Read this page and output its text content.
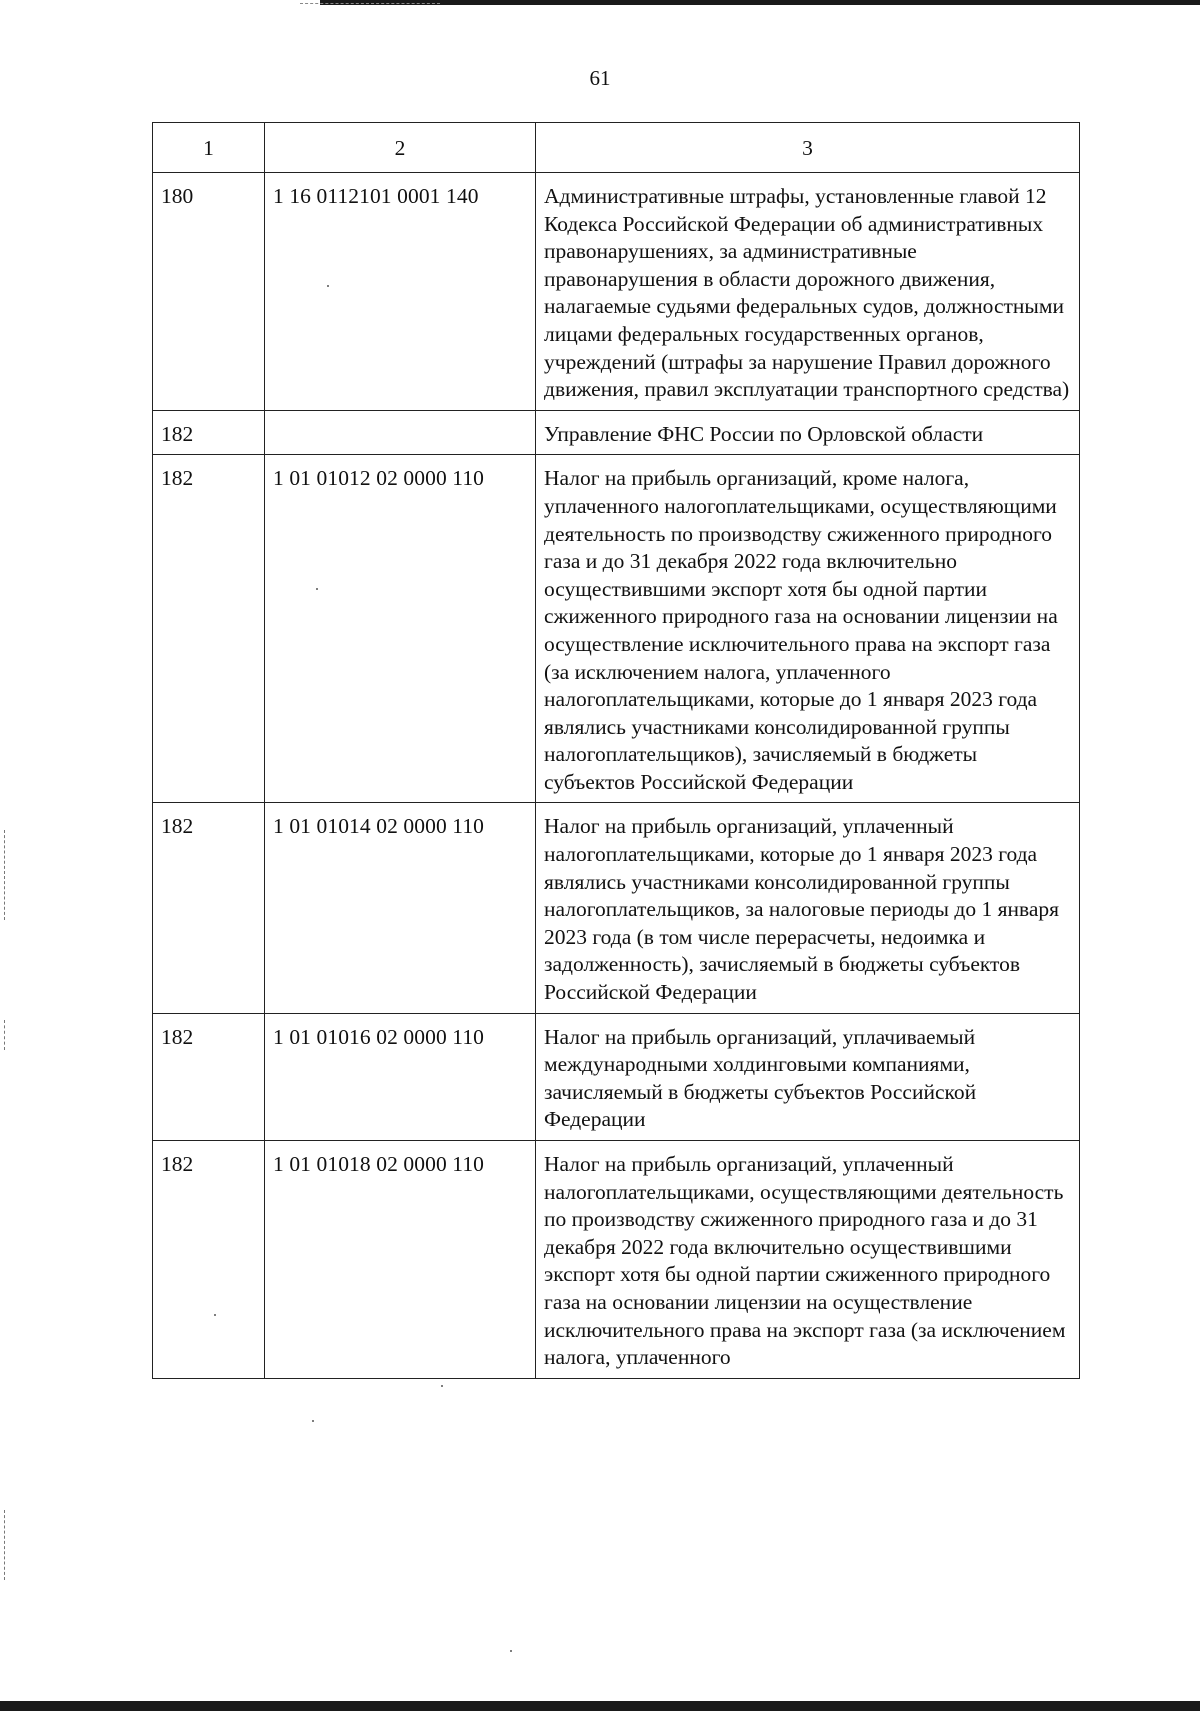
61
1	2	3
180	1 16 0112101 0001 140	Административные штрафы, установленные главой 12 Кодекса Российской Федерации об административных правонарушениях, за административные правонарушения в области дорожного движения, налагаемые судьями федеральных судов, должностными лицами федеральных государственных органов, учреждений (штрафы за нарушение Правил дорожного движения, правил эксплуатации транспортного средства)
182		Управление ФНС России по Орловской области
182	1 01 01012 02 0000 110	Налог на прибыль организаций, кроме налога, уплаченного налогоплательщиками, осуществляющими деятельность по производству сжиженного природного газа и до 31 декабря 2022 года включительно осуществившими экспорт хотя бы одной партии сжиженного природного газа на основании лицензии на осуществление исключительного права на экспорт газа (за исключением налога, уплаченного налогоплательщиками, которые до 1 января 2023 года являлись участниками консолидированной группы налогоплательщиков), зачисляемый в бюджеты субъектов Российской Федерации
182	1 01 01014 02 0000 110	Налог на прибыль организаций, уплаченный налогоплательщиками, которые до 1 января 2023 года являлись участниками консолидированной группы налогоплательщиков, за налоговые периоды до 1 января 2023 года (в том числе перерасчеты, недоимка и задолженность), зачисляемый в бюджеты субъектов Российской Федерации
182	1 01 01016 02 0000 110	Налог на прибыль организаций, уплачиваемый международными холдинговыми компаниями, зачисляемый в бюджеты субъектов Российской Федерации
182	1 01 01018 02 0000 110	Налог на прибыль организаций, уплаченный налогоплательщиками, осуществляющими деятельность по производству сжиженного природного газа и до 31 декабря 2022 года включительно осуществившими экспорт хотя бы одной партии сжиженного природного газа на основании лицензии на осуществление исключительного права на экспорт газа (за исключением налога, уплаченного
